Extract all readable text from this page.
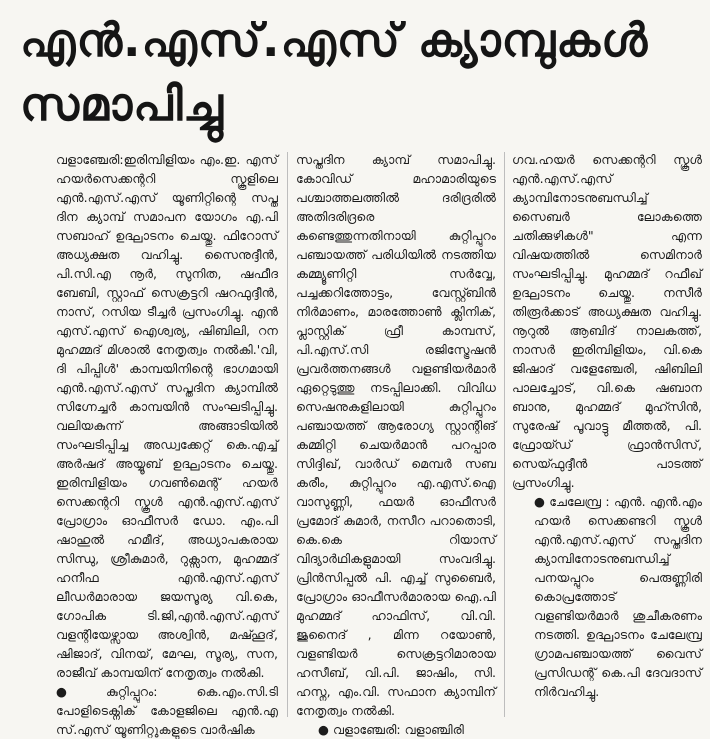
എൻ.എസ്.എസ് ക്യാമ്പുകൾ
സമാപിച്ചു

വളാഞ്ചേരി:ഇരിമ്പിളിയം എം.ഇ. എസ് ഹയർസെക്കന്ററി സ്കൂളിലെ എൻ.എസ്.എസ് യൂണിറ്റിന്റെ സപ്ത ദിന ക്യാമ്പ് സമാപന യോഗം എ.പി സബാഹ് ഉദ്ഘാടനം ചെയ്തു. ഫിറോസ് അധ്യക്ഷത വഹിച്ചു. സൈനുദ്ദീൻ, പി.സി.എ നൂർ, സുനിത, ഷഫീദ ബേബി, സ്റ്റാഫ് സെക്രട്ടറി ഷറഫുദ്ദീൻ, നാസ്, റസിയ ടീച്ചർ പ്രസംഗിച്ചു. എൻ എസ്.എസ് ഐശ്വര്യ, ഷിബിലി, റന മുഹമ്മദ് മിശാൽ നേതൃത്വം നൽകി.'വി, ദി പിപ്പിൾ' കാമ്പയിനിന്റെ ഭാഗമായി എൻ.എസ്.എസ് സപ്തദിന ക്യാമ്പിൽ സിഗ്നേച്ചർ കാമ്പയിൻ സംഘടിപ്പിച്ചു. വലിയകുന്ന് അങ്ങാടിയിൽ സംഘടിപ്പിച്ച അഡ്വക്കേറ്റ് കെ.എച്ച് അർഷദ് അയ്യൂബ് ഉദ്ഘാടനം ചെയ്തു. ഇരിമ്പിളിയം ഗവൺമെന്റ് ഹയർ സെക്കന്ററി സ്കൂൾ എൻ.എസ്.എസ് പ്രോഗ്രാം ഓഫീസർ ഡോ. എം.പി ഷാഹുൽ ഹമീദ്, അധ്യാപകരായ സിന്ധു, ശ്രീകുമാർ, റുക്സാന, മുഹമ്മദ് ഹനീഫ എൻ.എസ്.എസ് ലീഡർമാരായ ജയസൂര്യ വി.കെ, ഗോപിക ടി.ജി,എൻ.എസ്.എസ് വളന്റിയേഴ്സായ അശ്വിൻ, മഷ്ഹൂദ്, ഷിജാദ്, വിനയ്, മേഘ, സൂര്യ, സന, രാജീവ് കാമ്പയിന് നേതൃത്വം നൽകി.

● കുറ്റിപ്പുറം: കെ.എം.സി.ടി പോളിടെക്നിക് കോളജിലെ എൻ.എ സ്.എസ് യൂണിറ്റുകളുടെ വാർഷിക

സപ്തദിന ക്യാമ്പ് സമാപിച്ചു. കോവിഡ് മഹാമാരിയുടെ പശ്ചാത്തലത്തിൽ ദരിദ്രരിൽ അതിദരിദ്രരെ കണ്ടെത്തുന്നതിനായി കുറ്റിപ്പുറം പഞ്ചായത്ത് പരിധിയിൽ നടത്തിയ കമ്മ്യൂണിറ്റി സർവ്വേ, പച്ചക്കറിത്തോട്ടം, വേസ്റ്റ്ബിൻ നിർമാണം, മാരത്തോൺ ക്ലിനിക്, പ്ലാസ്റ്റിക് ഫ്രീ കാമ്പസ്, പി.എസ്.സി രജിസ്ട്രേഷൻ പ്രവർത്തനങ്ങൾ വളണ്ടിയർമാർ ഏറ്റെടുത്തു നടപ്പിലാക്കി. വിവിധ സെഷനുകളിലായി കുറ്റിപ്പുറം പഞ്ചായത്ത് ആരോഗ്യ സ്റ്റാന്റിങ് കമ്മിറ്റി ചെയർമാൻ പറപ്പാര സിദ്ദിഖ്, വാർഡ് മെമ്പർ സബ കരീം, കുറ്റിപ്പുറം എ.എസ്.ഐ വാസുണ്ണി, ഫയർ ഓഫീസർ പ്രമോദ് കുമാർ, നസീറ പറാതൊടി, കെ.കെ റിയാസ് വിദ്യാർഥികളുമായി സംവദിച്ചു. പ്രിൻസിപ്പൽ പി. എച്ച് സുബൈർ, പ്രോഗ്രാം ഓഫീസർമാരായ ഐ.പി മുഹമ്മദ് ഹാഫിസ്, വി.വി. ജുനൈദ് , മിന്ന റയോൺ, വളണ്ടിയർ സെക്രട്ടറിമാരായ ഹസീബ്, വി.പി. ജാഷിം, സി. ഹസ്ന, എം.വി. സഫാന ക്യാമ്പിന് നേതൃത്വം നൽകി.

● വളാഞ്ചേരി: വളാഞ്ചിരി

ഗവ.ഹയർ സെക്കന്ററി സ്കൂൾ എൻ.എസ്.എസ് ക്യാമ്പിനോടനുബന്ധിച്ച് സൈബർ ലോകത്തെ ചതിക്കുഴികൾ" എന്ന വിഷയത്തിൽ സെമിനാർ സംഘടിപ്പിച്ചു. മുഹമ്മദ് റഫീഖ് ഉദ്ഘാടനം ചെയ്തു. നസീർ തിരൂർക്കാട് അധ്യക്ഷത വഹിച്ചു. നൂറുൽ ആബിദ് നാലകത്ത്, നാസർ ഇരിമ്പിളിയം, വി.കെ ജിഷാദ് വളേഞ്ചേരി, ഷിബിലി പാലച്ചോട്, വി.കെ ഷബാന ബാനു, മുഹമ്മദ് മുഹ്സിൻ, സുരേഷ് പൂവാട്ടു മീത്തൽ, പി. ഫ്രോയ്ഡ് ഫ്രാൻസിസ്, സെയ്ഫുദ്ദീൻ പാടത്ത് പ്രസംഗിച്ചു.

● ചേലേമ്പ്ര : എൻ. എൻ.എം ഹയർ സെക്കണ്ടറി സ്കൂൾ എൻ.എസ്.എസ് സപ്തദിന ക്യാമ്പിനോടനുബന്ധിച്ച് പനയപ്പുറം പെരുണ്ണിരി കൊപ്രത്തോട് വളണ്ടിയർമാർ ശുചീകരണം നടത്തി. ഉദ്ഘാടനം ചേലേമ്പ്ര ഗ്രാമപഞ്ചായത്ത് വൈസ് പ്രസിഡന്റ് കെ.പി ദേവദാസ് നിർവഹിച്ചു.
